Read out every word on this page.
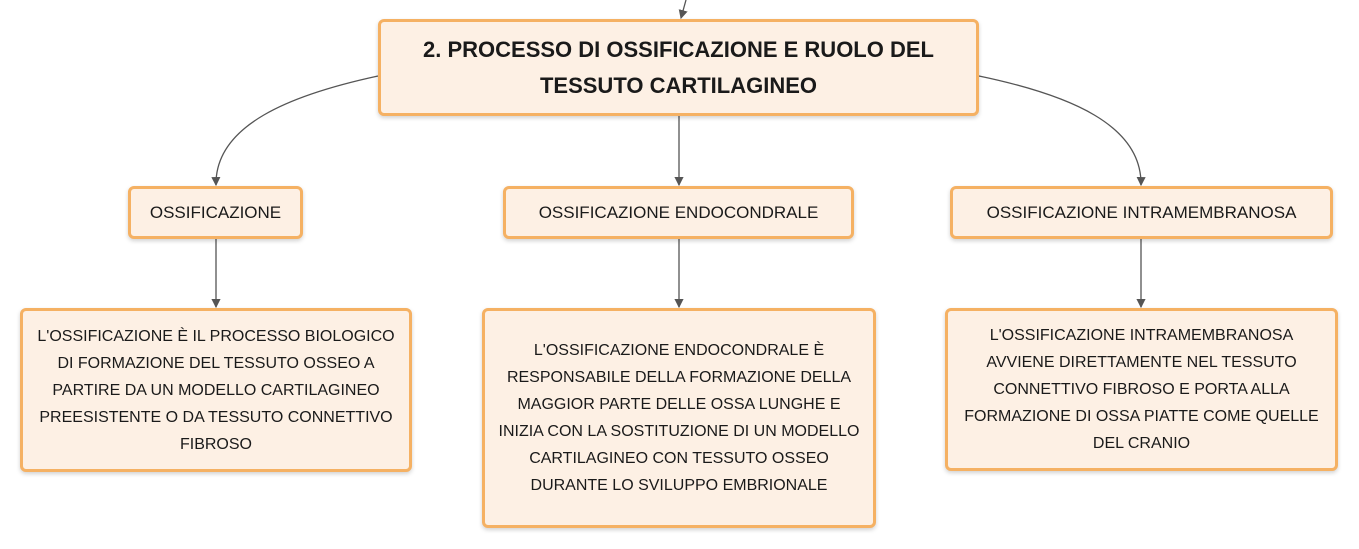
2. PROCESSO DI OSSIFICAZIONE E RUOLO DEL TESSUTO CARTILAGINEO
OSSIFICAZIONE	OSSIFICAZIONE ENDOCONDRALE	OSSIFICAZIONE INTRAMEMBRANOSA
L'OSSIFICAZIONE È IL PROCESSO BIOLOGICO DI FORMAZIONE DEL TESSUTO OSSEO A PARTIRE DA UN MODELLO CARTILAGINEO PREESISTENTE O DA TESSUTO CONNETTIVO FIBROSO
L'OSSIFICAZIONE ENDOCONDRALE È RESPONSABILE DELLA FORMAZIONE DELLA MAGGIOR PARTE DELLE OSSA LUNGHE E INIZIA CON LA SOSTITUZIONE DI UN MODELLO CARTILAGINEO CON TESSUTO OSSEO DURANTE LO SVILUPPO EMBRIONALE
L'OSSIFICAZIONE INTRAMEMBRANOSA AVVIENE DIRETTAMENTE NEL TESSUTO CONNETTIVO FIBROSO E PORTA ALLA FORMAZIONE DI OSSA PIATTE COME QUELLE DEL CRANIO
